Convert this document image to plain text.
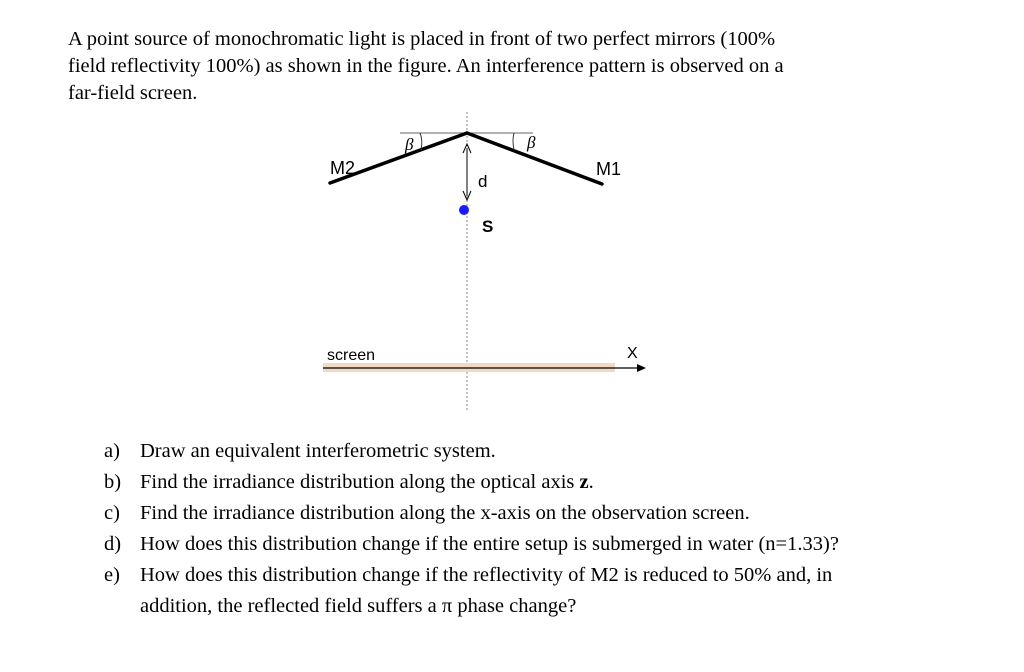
A point source of monochromatic light is placed in front of two perfect mirrors (100%

field reflectivity 100%) as shown in the figure. An interference pattern is observed on a

far-field screen.

β	β
M2	M1
d
S
screen	X
a) Draw an equivalent interferometric system.
b) Find the irradiance distribution along the optical axis z.
c) Find the irradiance distribution along the x-axis on the observation screen.
d) How does this distribution change if the entire setup is submerged in water (n=1.33)?
e) How does this distribution change if the reflectivity of M2 is reduced to 50% and, in
addition, the reflected field suffers a π phase change?
